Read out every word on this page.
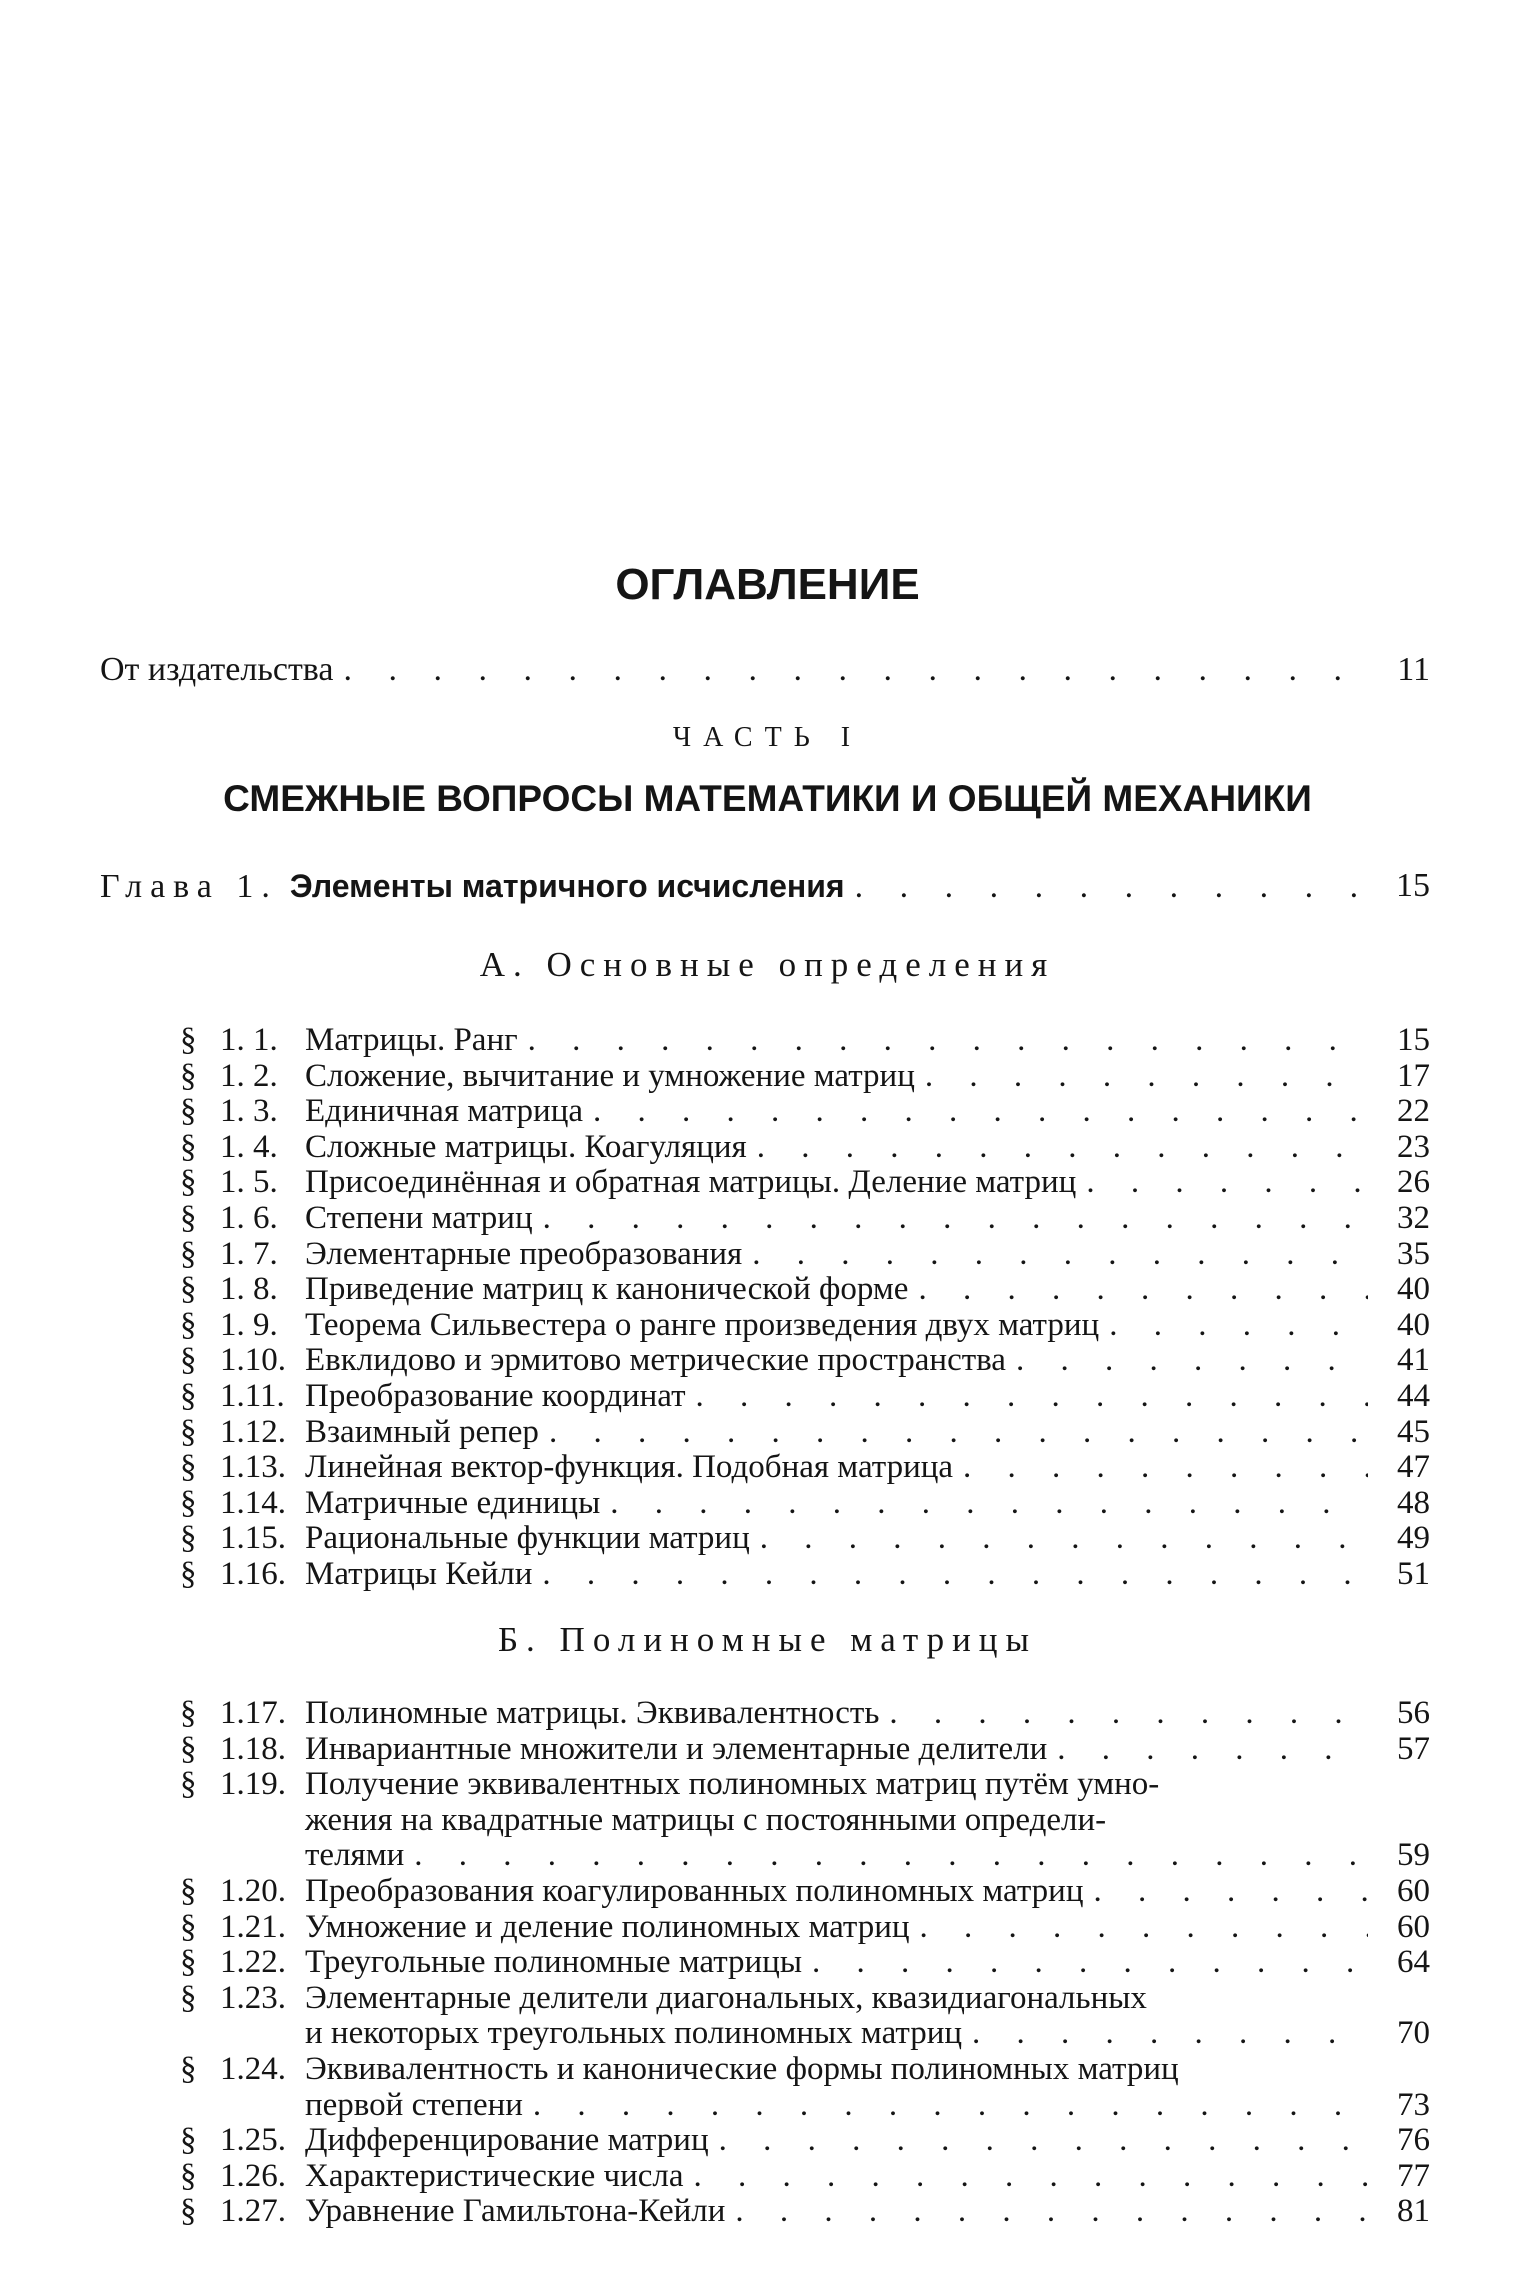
ОГЛАВЛЕНИЕ
От издательства . . .	11
ЧАСТЬ I
СМЕЖНЫЕ ВОПРОСЫ МАТЕМАТИКИ И ОБЩЕЙ МЕХАНИКИ
Глава 1. Элементы матричного исчисления . . .	15
А. Основные определения
§ 1. 1. Матрицы. Ранг . . .	15
§ 1. 2. Сложение, вычитание и умножение матриц . . .	17
§ 1. 3. Единичная матрица . . .	22
§ 1. 4. Сложные матрицы. Коагуляция . . .	23
§ 1. 5. Присоединённая и обратная матрицы. Деление матриц . . .	26
§ 1. 6. Степени матриц . . .	32
§ 1. 7. Элементарные преобразования . . .	35
§ 1. 8. Приведение матриц к канонической форме . . .	40
§ 1. 9. Теорема Сильвестера о ранге произведения двух матриц . . .	40
§ 1.10. Евклидово и эрмитово метрические пространства . . .	41
§ 1.11. Преобразование координат . . .	44
§ 1.12. Взаимный репер . . .	45
§ 1.13. Линейная вектор-функция. Подобная матрица . . .	47
§ 1.14. Матричные единицы . . .	48
§ 1.15. Рациональные функции матриц . . .	49
§ 1.16. Матрицы Кейли . . .	51
Б. Полиномные матрицы
§ 1.17. Полиномные матрицы. Эквивалентность . . .	56
§ 1.18. Инвариантные множители и элементарные делители . . .	57
§ 1.19. Получение эквивалентных полиномных матриц путём умно-
жения на квадратные матрицы с постоянными определи-
телями . . .	59
§ 1.20. Преобразования коагулированных полиномных матриц . . .	60
§ 1.21. Умножение и деление полиномных матриц . . .	60
§ 1.22. Треугольные полиномные матрицы . . .	64
§ 1.23. Элементарные делители диагональных, квазидиагональных
и некоторых треугольных полиномных матриц . . .	70
§ 1.24. Эквивалентность и канонические формы полиномных матриц
первой степени . . .	73
§ 1.25. Дифференцирование матриц . . .	76
§ 1.26. Характеристические числа . . .	77
§ 1.27. Уравнение Гамильтона-Кейли . . .	81
